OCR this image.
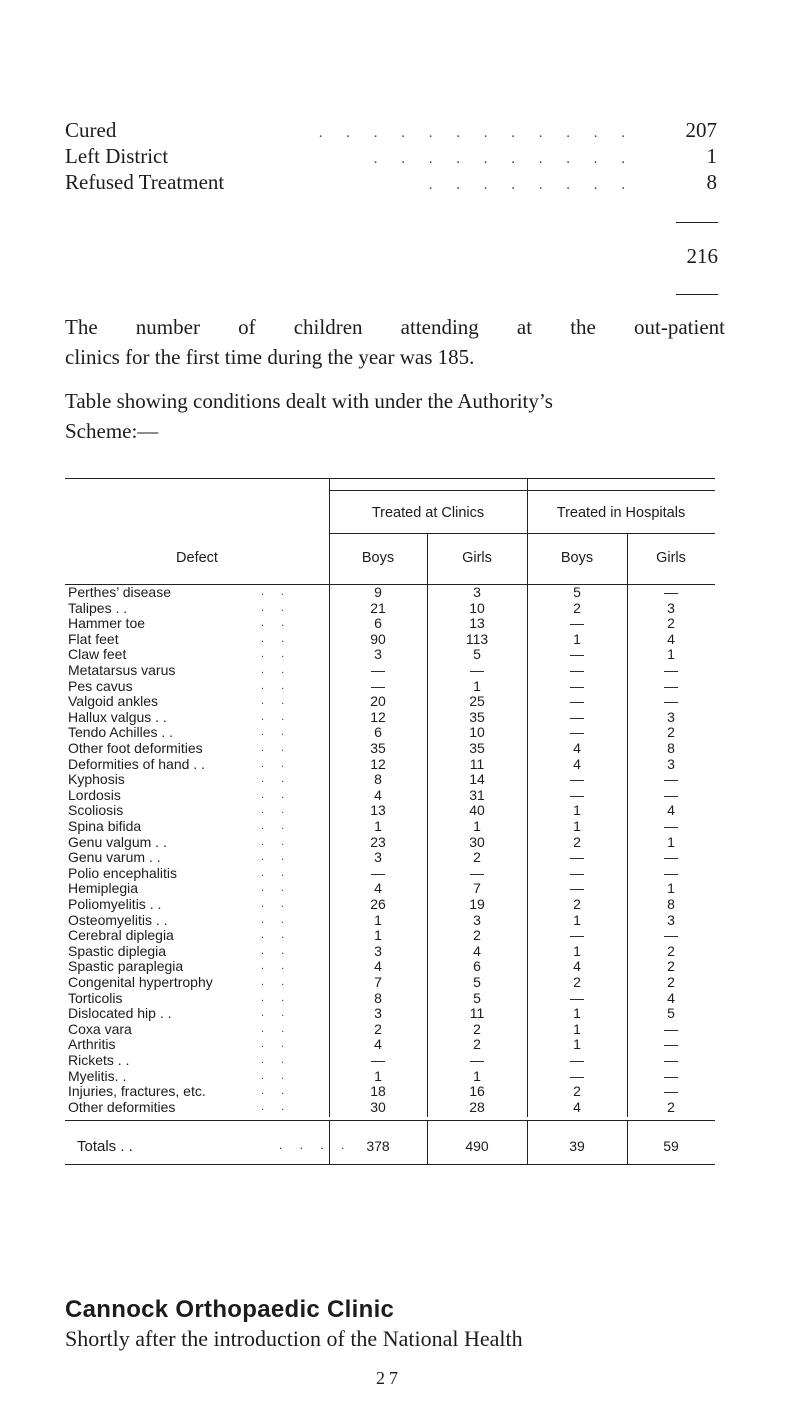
Cured	. . . . . . . . . . . .	207
Left District	. . . . . . . . . .	1
Refused Treatment	. . . . . . . .	8
216
The number of children attending at the out-patient
clinics for the first time during the year was 185.
Table showing conditions dealt with under the Authority’s
Scheme:—
Defect
Treated at Clinics	Treated in Hospitals
Boys	Girls	Boys	Girls
Perthes’ disease	. .	9	3	5	—
Talipes . .	. .	21	10	2	3
Hammer toe	. .	6	13	—	2
Flat feet	. .	90	113	1	4
Claw feet	. .	3	5	—	1
Metatarsus varus	. .	—	—	—	—
Pes cavus	. .	—	1	—	—
Valgoid ankles	. .	20	25	—	—
Hallux valgus . .	. .	12	35	—	3
Tendo Achilles . .	. .	6	10	—	2
Other foot deformities	. .	35	35	4	8
Deformities of hand . .	. .	12	11	4	3
Kyphosis	. .	8	14	—	—
Lordosis	. .	4	31	—	—
Scoliosis	. .	13	40	1	4
Spina bifida	. .	1	1	1	—
Genu valgum . .	. .	23	30	2	1
Genu varum . .	. .	3	2	—	—
Polio encephalitis	. .	—	—	—	—
Hemiplegia	. .	4	7	—	1
Poliomyelitis . .	. .	26	19	2	8
Osteomyelitis . .	. .	1	3	1	3
Cerebral diplegia	. .	1	2	—	—
Spastic diplegia	. .	3	4	1	2
Spastic paraplegia	. .	4	6	4	2
Congenital hypertrophy	. .	7	5	2	2
Torticolis	. .	8	5	—	4
Dislocated hip . .	. .	3	11	1	5
Coxa vara	. .	2	2	1	—
Arthritis	. .	4	2	1	—
Rickets . .	. .	—	—	—	—
Myelitis. .	. .	1	1	—	—
Injuries, fractures, etc.	. .	18	16	2	—
Other deformities	. .	30	28	4	2
Totals . .	. . . .	378	490	39	59
Cannock Orthopaedic Clinic
Shortly after the introduction of the National Health
27
